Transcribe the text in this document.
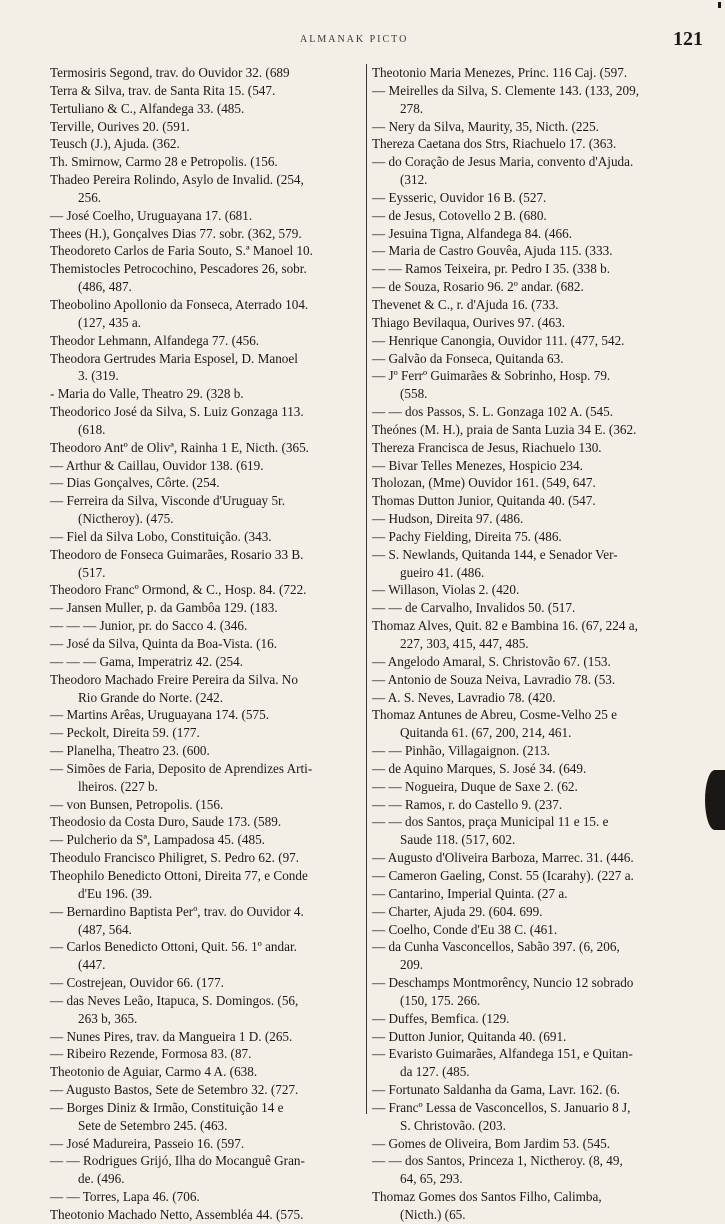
ALMANAK PICTO	121
Termosiris Segond, trav. do Ouvidor 32. (689
Terra & Silva, trav. de Santa Rita 15. (547.
Tertuliano & C., Alfandega 33. (485.
Terville, Ourives 20. (591.
Teusch (J.), Ajuda. (362.
Th. Smirnow, Carmo 28 e Petropolis. (156.
Thadeo Pereira Rolindo, Asylo de Invalid. (254,
256.
— José Coelho, Uruguayana 17. (681.
Thees (H.), Gonçalves Dias 77. sobr. (362, 579.
Theodoreto Carlos de Faria Souto, S.ª Manoel 10.
Themistocles Petrocochino, Pescadores 26, sobr.
(486, 487.
Theobolino Apollonio da Fonseca, Aterrado 104.
(127, 435 a.
Theodor Lehmann, Alfandega 77. (456.
Theodora Gertrudes Maria Esposel, D. Manoel
3. (319.
- Maria do Valle, Theatro 29. (328 b.
Theodorico José da Silva, S. Luiz Gonzaga 113.
(618.
Theodoro Antº de Olivª, Rainha 1 E, Nicth. (365.
— Arthur & Caillau, Ouvidor 138. (619.
— Dias Gonçalves, Côrte. (254.
— Ferreira da Silva, Visconde d'Uruguay 5r.
(Nictheroy). (475.
— Fiel da Silva Lobo, Constituição. (343.
Theodoro de Fonseca Guimarães, Rosario 33 B.
(517.
Theodoro Francº Ormond, & C., Hosp. 84. (722.
— Jansen Muller, p. da Gambôa 129. (183.
— — — Junior, pr. do Sacco 4. (346.
— José da Silva, Quinta da Boa-Vista. (16.
— — — Gama, Imperatriz 42. (254.
Theodoro Machado Freire Pereira da Silva. No
Rio Grande do Norte. (242.
— Martins Arêas, Uruguayana 174. (575.
— Peckolt, Direita 59. (177.
— Planelha, Theatro 23. (600.
— Simões de Faria, Deposito de Aprendizes Arti-
lheiros. (227 b.
— von Bunsen, Petropolis. (156.
Theodosio da Costa Duro, Saude 173. (589.
— Pulcherio da Sª, Lampadosa 45. (485.
Theodulo Francisco Philigret, S. Pedro 62. (97.
Theophilo Benedicto Ottoni, Direita 77, e Conde
d'Eu 196. (39.
— Bernardino Baptista Perº, trav. do Ouvidor 4.
(487, 564.
— Carlos Benedicto Ottoni, Quit. 56. 1º andar.
(447.
— Costrejean, Ouvidor 66. (177.
— das Neves Leão, Itapuca, S. Domingos. (56,
263 b, 365.
— Nunes Pires, trav. da Mangueira 1 D. (265.
— Ribeiro Rezende, Formosa 83. (87.
Theotonio de Aguiar, Carmo 4 A. (638.
— Augusto Bastos, Sete de Setembro 32. (727.
— Borges Diniz & Irmão, Constituição 14 e
Sete de Setembro 245. (463.
— José Madureira, Passeio 16. (597.
— — Rodrigues Grijó, Ilha do Mocanguê Gran-
de. (496.
— — Torres, Lapa 46. (706.
Theotonio Machado Netto, Assembléa 44. (575.
Theotonio Maria Menezes, Princ. 116 Caj. (597.
— Meirelles da Silva, S. Clemente 143. (133, 209,
278.
— Nery da Silva, Maurity, 35, Nicth. (225.
Thereza Caetana dos Strs, Riachuelo 17. (363.
— do Coração de Jesus Maria, convento d'Ajuda.
(312.
— Eysseric, Ouvidor 16 B. (527.
— de Jesus, Cotovello 2 B. (680.
— Jesuina Tigna, Alfandega 84. (466.
— Maria de Castro Gouvêa, Ajuda 115. (333.
— — Ramos Teixeira, pr. Pedro I 35. (338 b.
— de Souza, Rosario 96. 2º andar. (682.
Thevenet & C., r. d'Ajuda 16. (733.
Thiago Bevilaqua, Ourives 97. (463.
— Henrique Canongia, Ouvidor 111. (477, 542.
— Galvão da Fonseca, Quitanda 63.
— Jº Ferrº Guimarães & Sobrinho, Hosp. 79.
(558.
— — dos Passos, S. L. Gonzaga 102 A. (545.
Theónes (M. H.), praia de Santa Luzia 34 E. (362.
Thereza Francisca de Jesus, Riachuelo 130.
— Bivar Telles Menezes, Hospicio 234.
Tholozan, (Mme) Ouvidor 161. (549, 647.
Thomas Dutton Junior, Quitanda 40. (547.
— Hudson, Direita 97. (486.
— Pachy Fielding, Direita 75. (486.
— S. Newlands, Quitanda 144, e Senador Ver-
gueiro 41. (486.
— Willason, Violas 2. (420.
— — de Carvalho, Invalidos 50. (517.
Thomaz Alves, Quit. 82 e Bambina 16. (67, 224 a,
227, 303, 415, 447, 485.
— Angelodo Amaral, S. Christovão 67. (153.
— Antonio de Souza Neiva, Lavradio 78. (53.
— A. S. Neves, Lavradio 78. (420.
Thomaz Antunes de Abreu, Cosme-Velho 25 e
Quitanda 61. (67, 200, 214, 461.
— — Pinhão, Villagaignon. (213.
— de Aquino Marques, S. José 34. (649.
— — Nogueira, Duque de Saxe 2. (62.
— — Ramos, r. do Castello 9. (237.
— — dos Santos, praça Municipal 11 e 15. e
Saude 118. (517, 602.
— Augusto d'Oliveira Barboza, Marrec. 31. (446.
— Cameron Gaeling, Const. 55 (Icarahy). (227 a.
— Cantarino, Imperial Quinta. (27 a.
— Charter, Ajuda 29. (604. 699.
— Coelho, Conde d'Eu 38 C. (461.
— da Cunha Vasconcellos, Sabão 397. (6, 206,
209.
— Deschamps Montmorêncy, Nuncio 12 sobrado
(150, 175. 266.
— Duffes, Bemfica. (129.
— Dutton Junior, Quitanda 40. (691.
— Evaristo Guimarães, Alfandega 151, e Quitan-
da 127. (485.
— Fortunato Saldanha da Gama, Lavr. 162. (6.
— Francº Lessa de Vasconcellos, S. Januario 8 J,
S. Christovão. (203.
— Gomes de Oliveira, Bom Jardim 53. (545.
— — dos Santos, Princeza 1, Nictheroy. (8, 49,
64, 65, 293.
Thomaz Gomes dos Santos Filho, Calimba,
(Nicth.) (65.
